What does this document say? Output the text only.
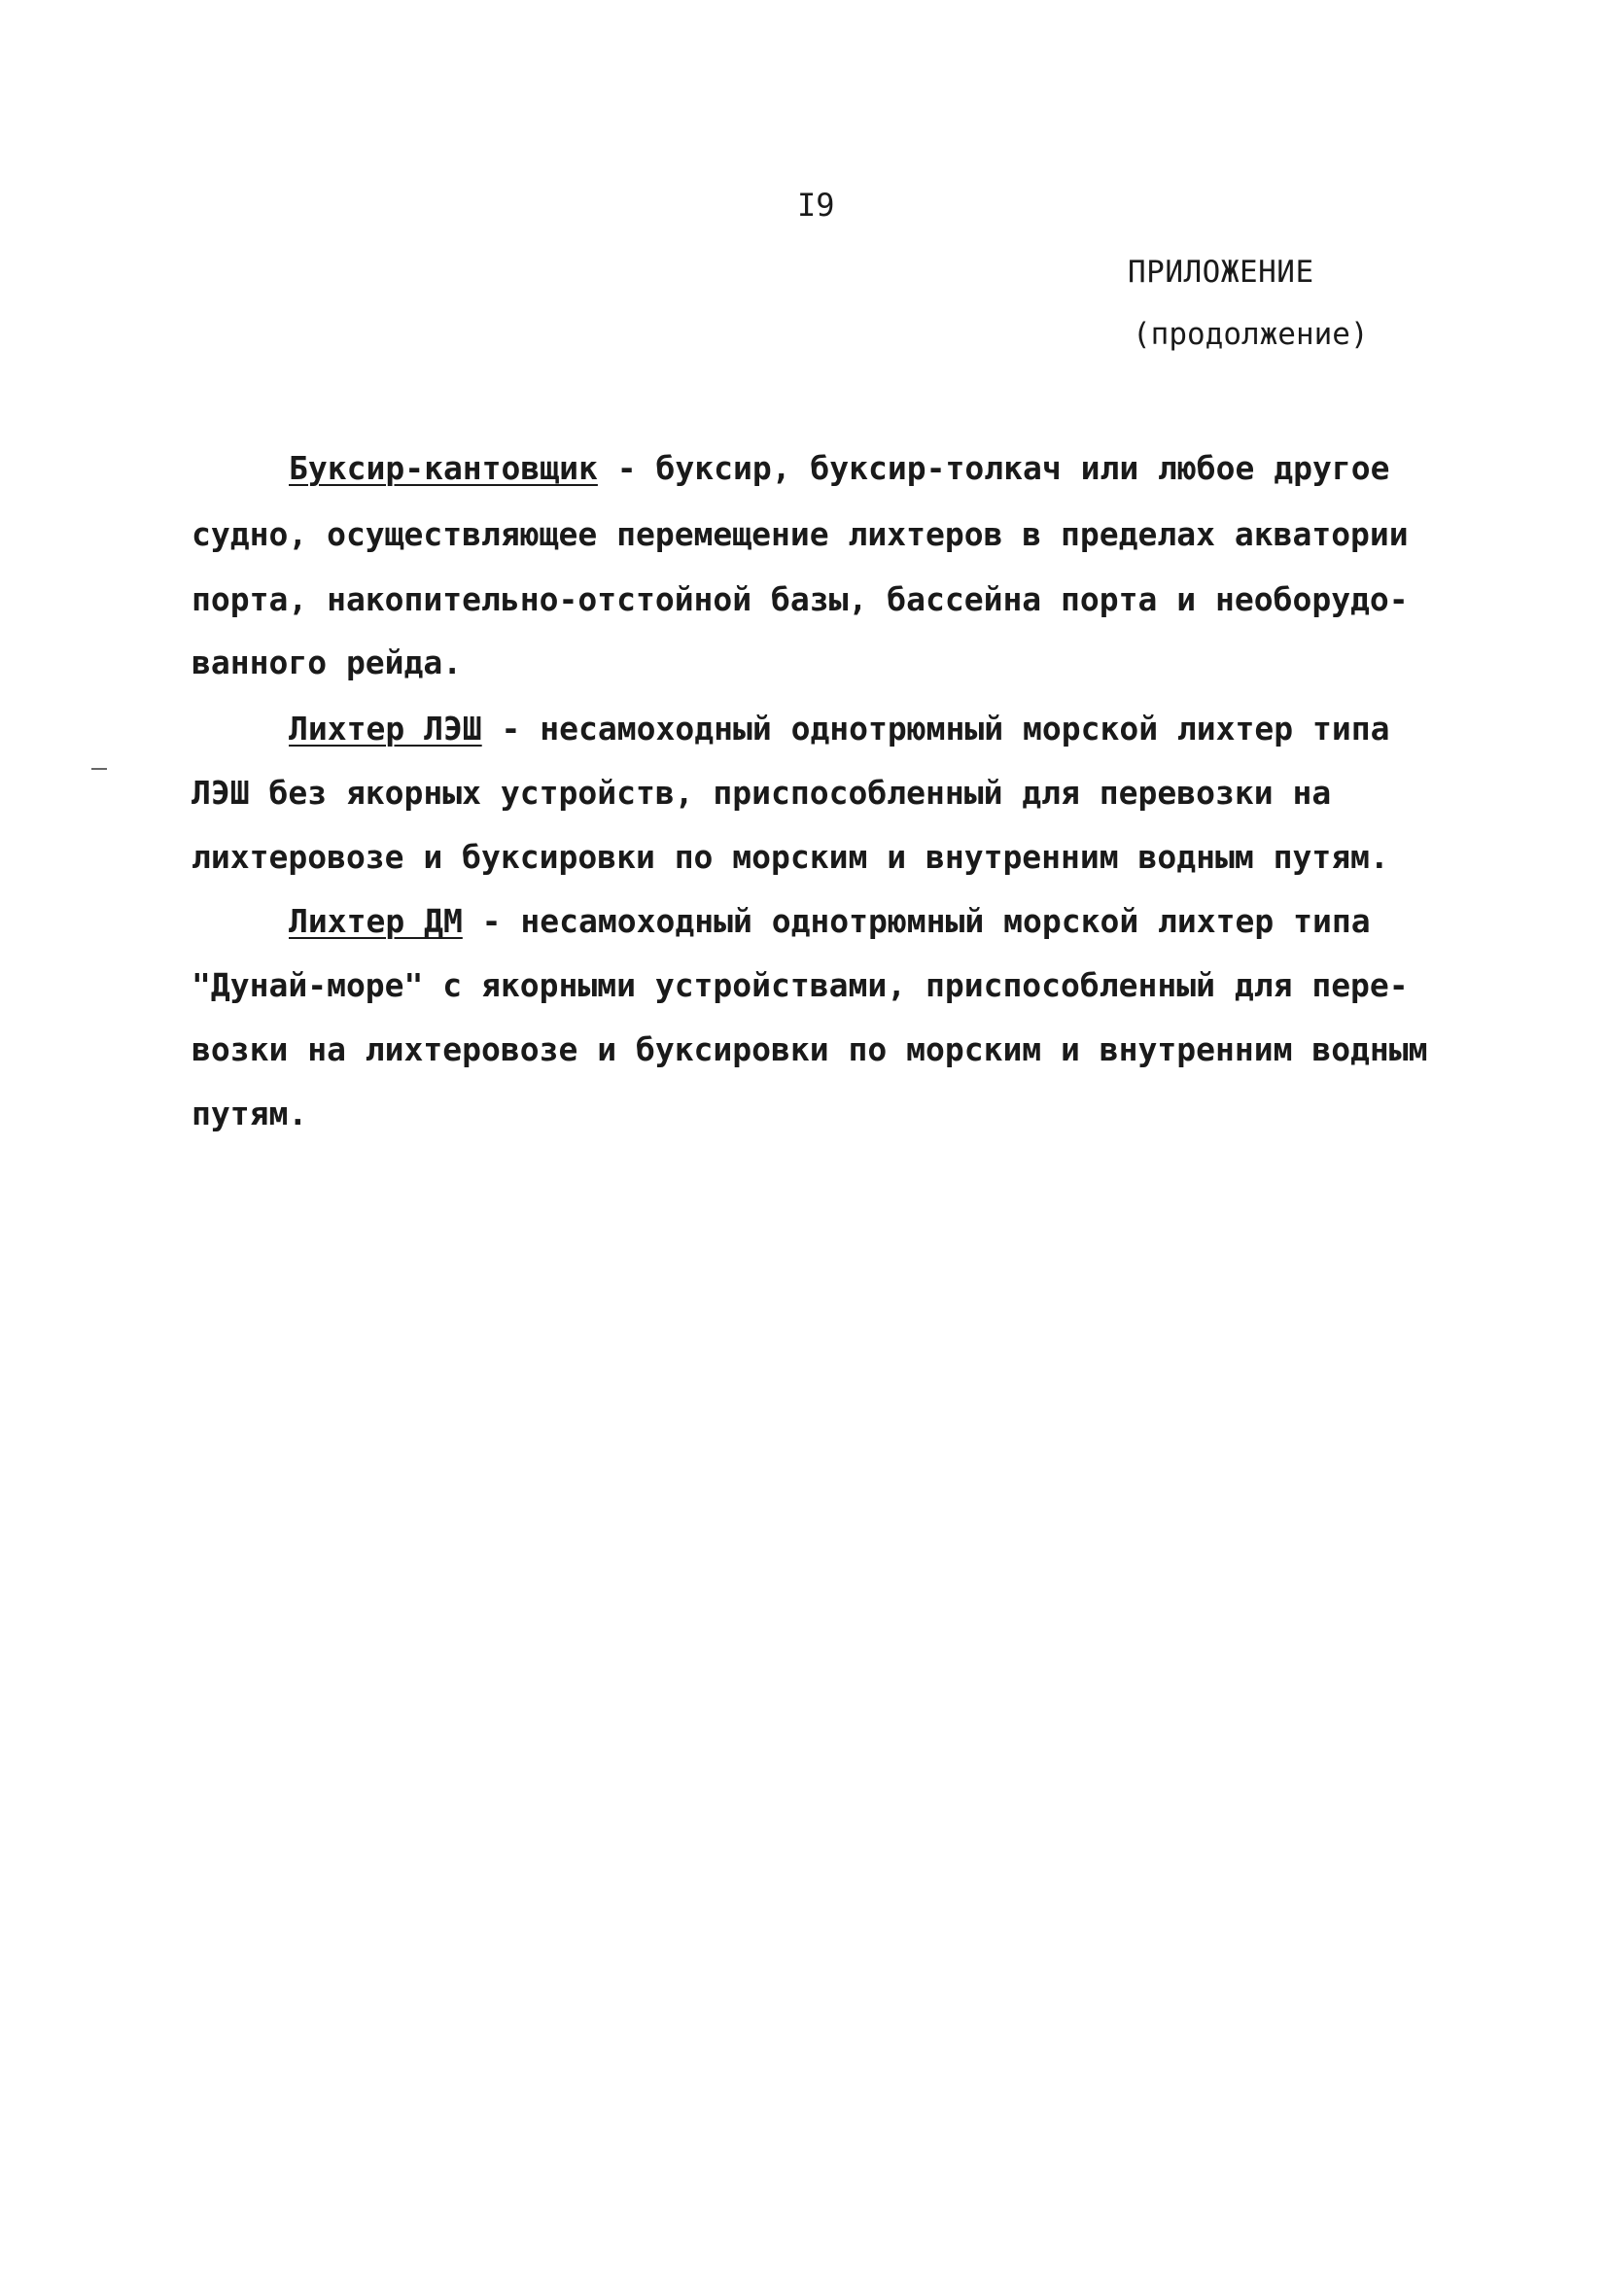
I9
ПРИЛОЖЕНИЕ
(продолжение)
Буксир-кантовщик - буксир, буксир-толкач или любое другое
судно, осуществляющее перемещение лихтеров в пределах акватории
порта, накопительно-отстойной базы, бассейна порта и необорудо-
ванного рейда.
Лихтер ЛЭШ - несамоходный однотрюмный морской лихтер типа
ЛЭШ без якорных устройств, приспособленный для перевозки на
лихтеровозе и буксировки по морским и внутренним водным путям.
Лихтер ДМ - несамоходный однотрюмный морской лихтер типа
"Дунай-море" с якорными устройствами, приспособленный для пере-
возки на лихтеровозе и буксировки по морским и внутренним водным
путям.
